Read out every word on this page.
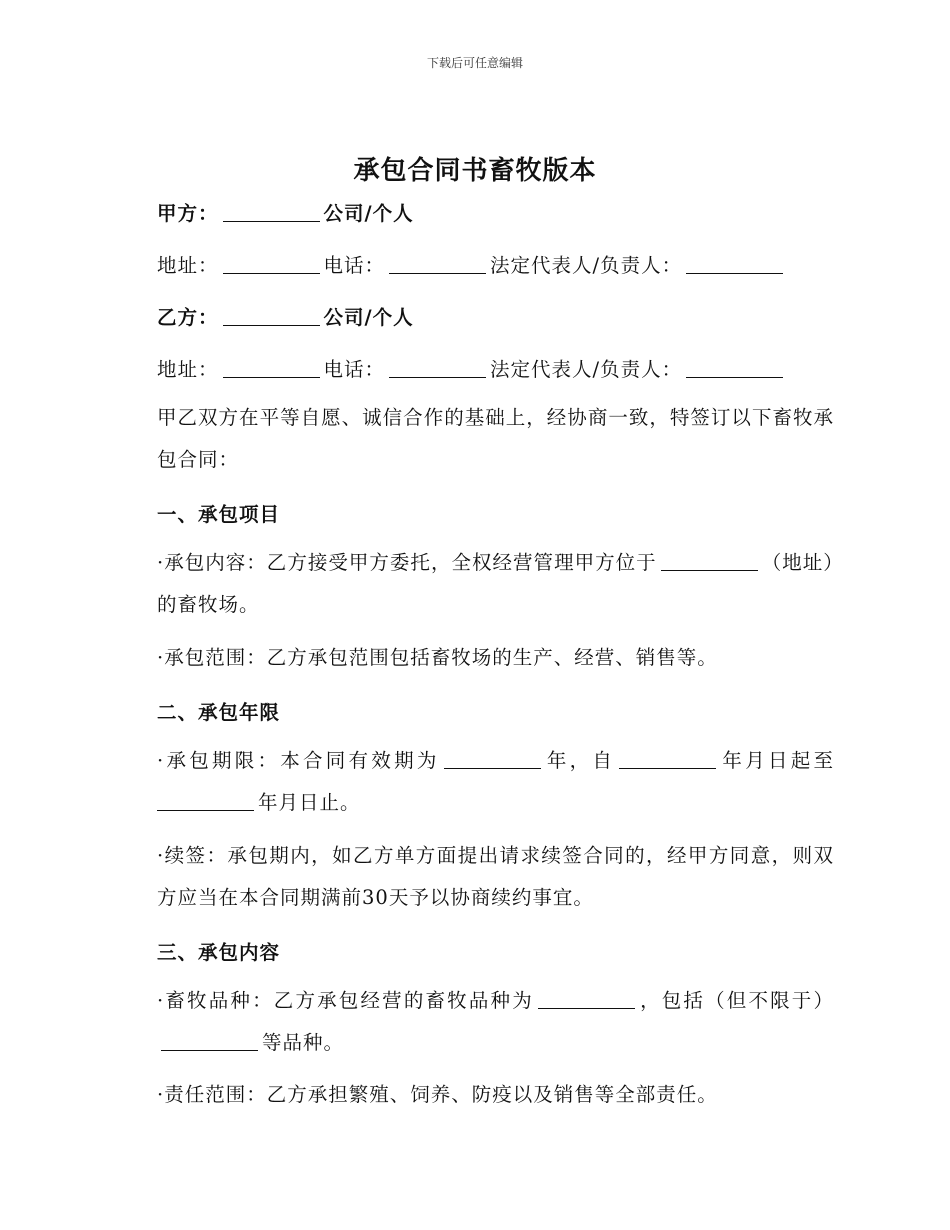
下载后可任意编辑
承包合同书畜牧版本
甲方：	公司/个人
地址：	电话：	法定代表人/负责人：
乙方：	公司/个人
地址：	电话：	法定代表人/负责人：
甲乙双方在平等自愿、诚信合作的基础上，经协商一致，特签订以下畜牧承包合同：
一、承包项目
·承包内容：乙方接受甲方委托，全权经营管理甲方位于	（地址）的畜牧场。
·承包范围：乙方承包范围包括畜牧场的生产、经营、销售等。
二、承包年限
·承包期限：本合同有效期为	年，自	年月日起至年月日止。
·续签：承包期内，如乙方单方面提出请求续签合同的，经甲方同意，则双方应当在本合同期满前30天予以协商续约事宜。
三、承包内容
·畜牧品种：乙方承包经营的畜牧品种为	，包括（但不限于）等品种。
·责任范围：乙方承担繁殖、饲养、防疫以及销售等全部责任。
